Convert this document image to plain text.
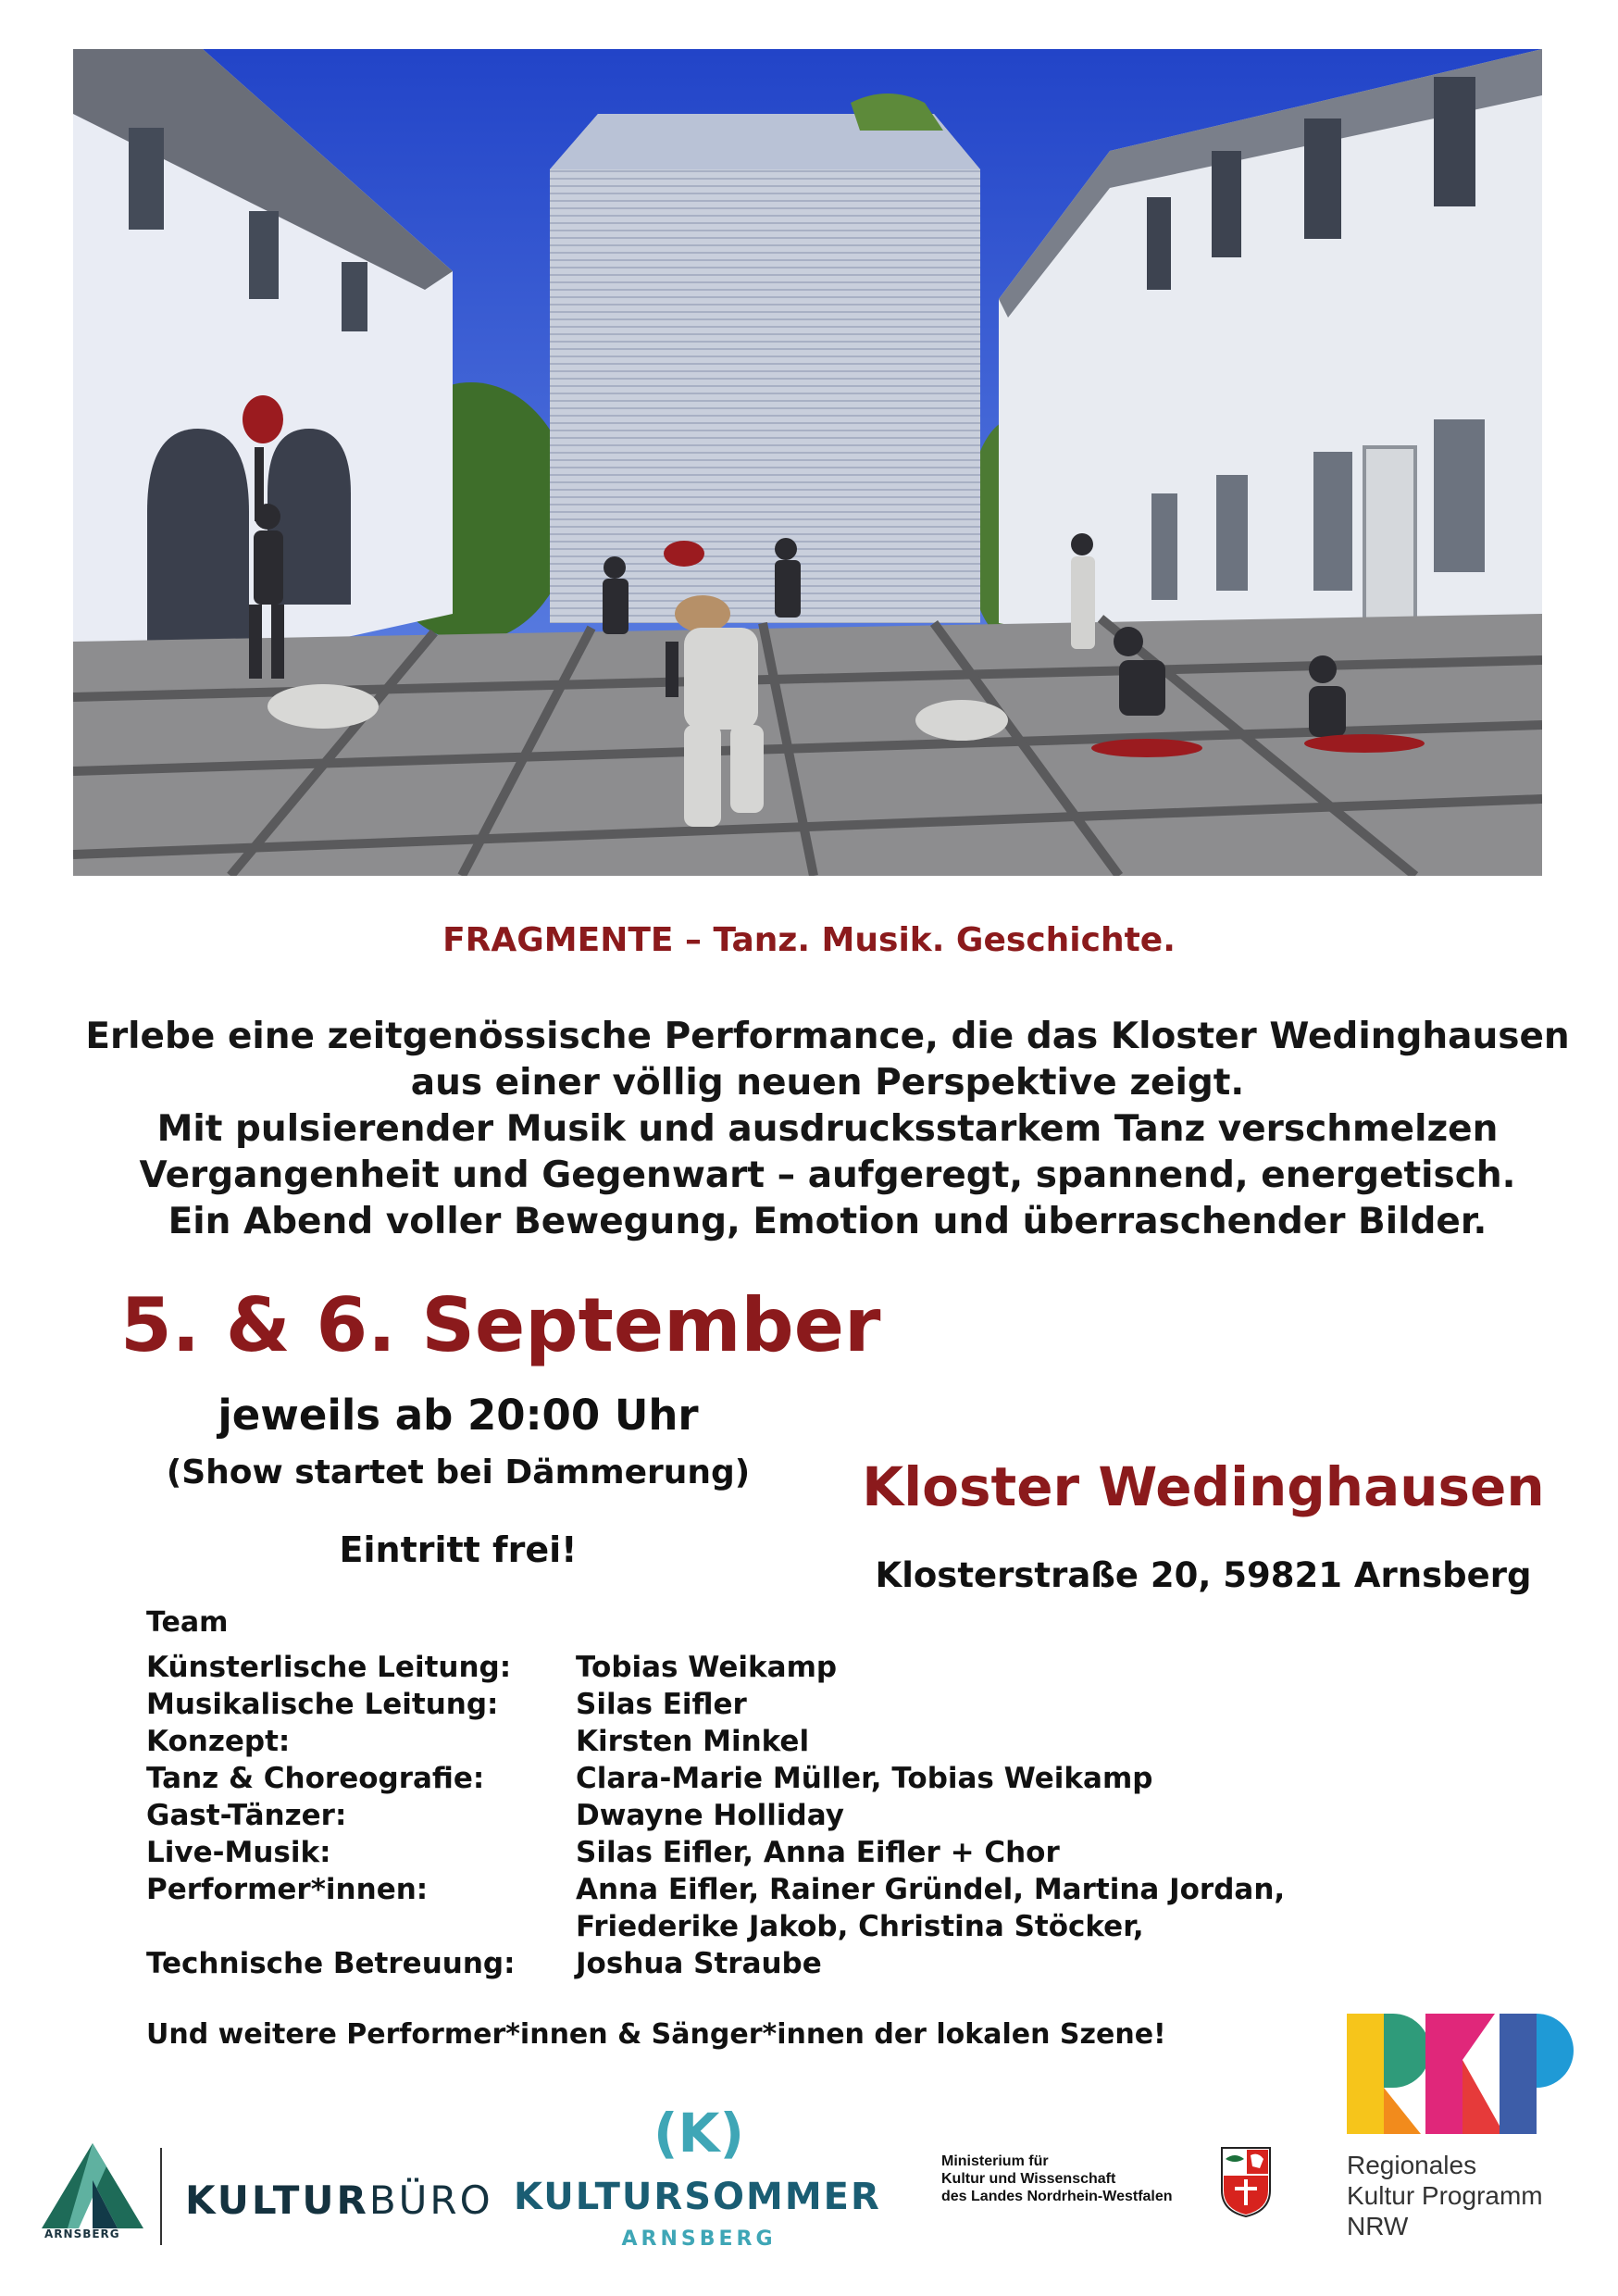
FRAGMENTE – Tanz. Musik. Geschichte.
Erlebe eine zeitgenössische Performance, die das Kloster Wedinghausen
aus einer völlig neuen Perspektive zeigt.
Mit pulsierender Musik und ausdrucksstarkem Tanz verschmelzen
Vergangenheit und Gegenwart – aufgeregt, spannend, energetisch.
Ein Abend voller Bewegung, Emotion und überraschender Bilder.
5. & 6. September
jeweils ab 20:00 Uhr
(Show startet bei Dämmerung)
Eintritt frei!
Kloster Wedinghausen
Klosterstraße 20, 59821 Arnsberg
Team
Künsterlische Leitung:	Tobias Weikamp
Musikalische Leitung:	Silas Eifler
Konzept:	Kirsten Minkel
Tanz & Choreografie:	Clara-Marie Müller, Tobias Weikamp
Gast-Tänzer:	Dwayne Holliday
Live-Musik:	Silas Eifler, Anna Eifler + Chor
Performer*innen:	Anna Eifler, Rainer Gründel, Martina Jordan,
Friederike Jakob, Christina Stöcker,
Technische Betreuung:	Joshua Straube
Und weitere Performer*innen & Sänger*innen der lokalen Szene!
ARNSBERG
KULTURBÜRO
(K)
KULTURSOMMER
ARNSBERG
Ministerium für
Kultur und Wissenschaft
des Landes Nordrhein-Westfalen
Regionales
Kultur Programm
NRW
